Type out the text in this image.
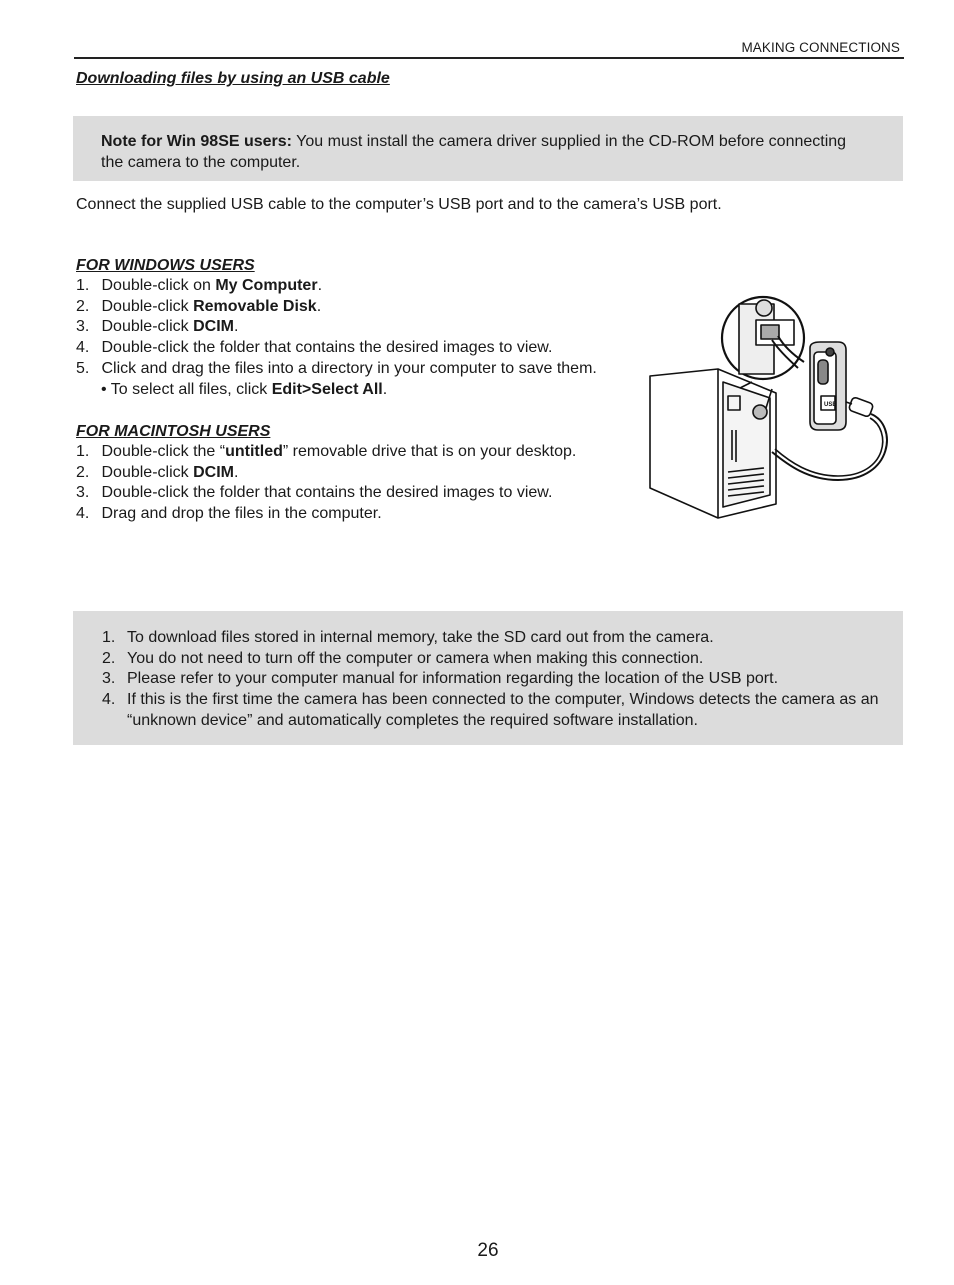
MAKING CONNECTIONS
Downloading files by using an USB cable
Note for Win 98SE users: You must install the camera driver supplied in the CD-ROM before connecting the camera to the computer.
Connect the supplied USB cable to the computer’s USB port and to the camera’s USB port.
FOR WINDOWS USERS
1. Double-click on My Computer.
2. Double-click Removable Disk.
3. Double-click DCIM.
4. Double-click the folder that contains the desired images to view.
5. Click and drag the files into a directory in your computer to save them.
• To select all files, click Edit>Select All.
FOR MACINTOSH USERS
1. Double-click the “untitled” removable drive that is on your desktop.
2. Double-click DCIM.
3. Double-click the folder that contains the desired images to view.
4. Drag and drop the files in the computer.
USB
1. To download files stored in internal memory, take the SD card out from the camera.
2. You do not need to turn off the computer or camera when making this connection.
3. Please refer to your computer manual for information regarding the location of the USB port.
4. If this is the first time the camera has been connected to the computer, Windows detects the camera as an “unknown device” and automatically completes the required software installation.
26
